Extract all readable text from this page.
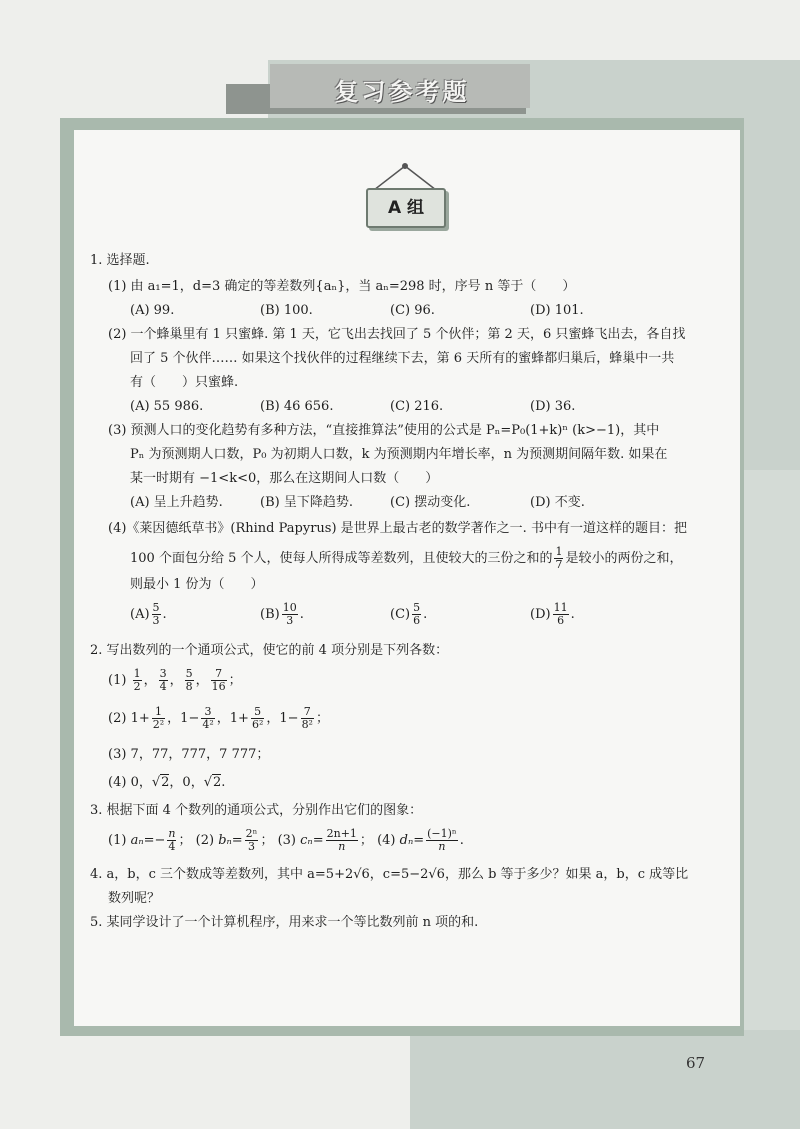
复习参考题
A 组
1. 选择题.
(1) 由 a₁=1，d=3 确定的等差数列{aₙ}，当 aₙ=298 时，序号 n 等于（　　）
(A) 99.	(B) 100.	(C) 96.	(D) 101.
(2) 一个蜂巢里有 1 只蜜蜂. 第 1 天，它飞出去找回了 5 个伙伴；第 2 天，6 只蜜蜂飞出去，各自找
回了 5 个伙伴…… 如果这个找伙伴的过程继续下去，第 6 天所有的蜜蜂都归巢后，蜂巢中一共
有（　　）只蜜蜂.
(A) 55 986.	(B) 46 656.	(C) 216.	(D) 36.
(3) 预测人口的变化趋势有多种方法，“直接推算法”使用的公式是 Pₙ=P₀(1+k)ⁿ (k>−1)，其中
Pₙ 为预测期人口数，P₀ 为初期人口数，k 为预测期内年增长率，n 为预测期间隔年数. 如果在
某一时期有 −1<k<0，那么在这期间人口数（　　）
(A) 呈上升趋势.	(B) 呈下降趋势.	(C) 摆动变化.	(D) 不变.
(4)《莱因德纸草书》(Rhind Papyrus) 是世界上最古老的数学著作之一. 书中有一道这样的题目：把
100 个面包分给 5 个人，使每人所得成等差数列，且使较大的三份之和的 $\frac{1}{7}$ 是较小的两份之和，
则最小 1 份为（　　）
$(A) \frac{5}{3}$ .	$(B) \frac{10}{3}$ .	$(C) \frac{5}{6}$ .	$(D) \frac{11}{6}$ .
2. 写出数列的一个通项公式，使它的前 4 项分别是下列各数：
$(1) \frac{1}{2}$ ， $\frac{3}{4}$ ， $\frac{5}{8}$ ， $\frac{7}{16}$ ；
(2) $1+ \frac{1}{\text{2²}}$ ，$1- \frac{3}{\text{4²}}$ ，$1+ \frac{5}{\text{6²}}$ ，$1- \frac{7}{\text{8²}}$ ；
(3) 7，77，777，7 777；
(4) 0，√2，0，√2.
3. 根据下面 4 个数列的通项公式，分别作出它们的图象：
(1) $a_n=- \frac{n}{4}$ ； (2) $b_n= \frac{\text{2ⁿ}}{3}$ ； (3) $c_n= \frac{2n+1}{n}$ ； (4) $d_n= \frac{\text{(−1)ⁿ}}{n}$ .
4. a，b，c 三个数成等差数列，其中 a=5+2√6，c=5−2√6，那么 b 等于多少？如果 a，b，c 成等比
数列呢？
5. 某同学设计了一个计算机程序，用来求一个等比数列前 n 项的和.
67
